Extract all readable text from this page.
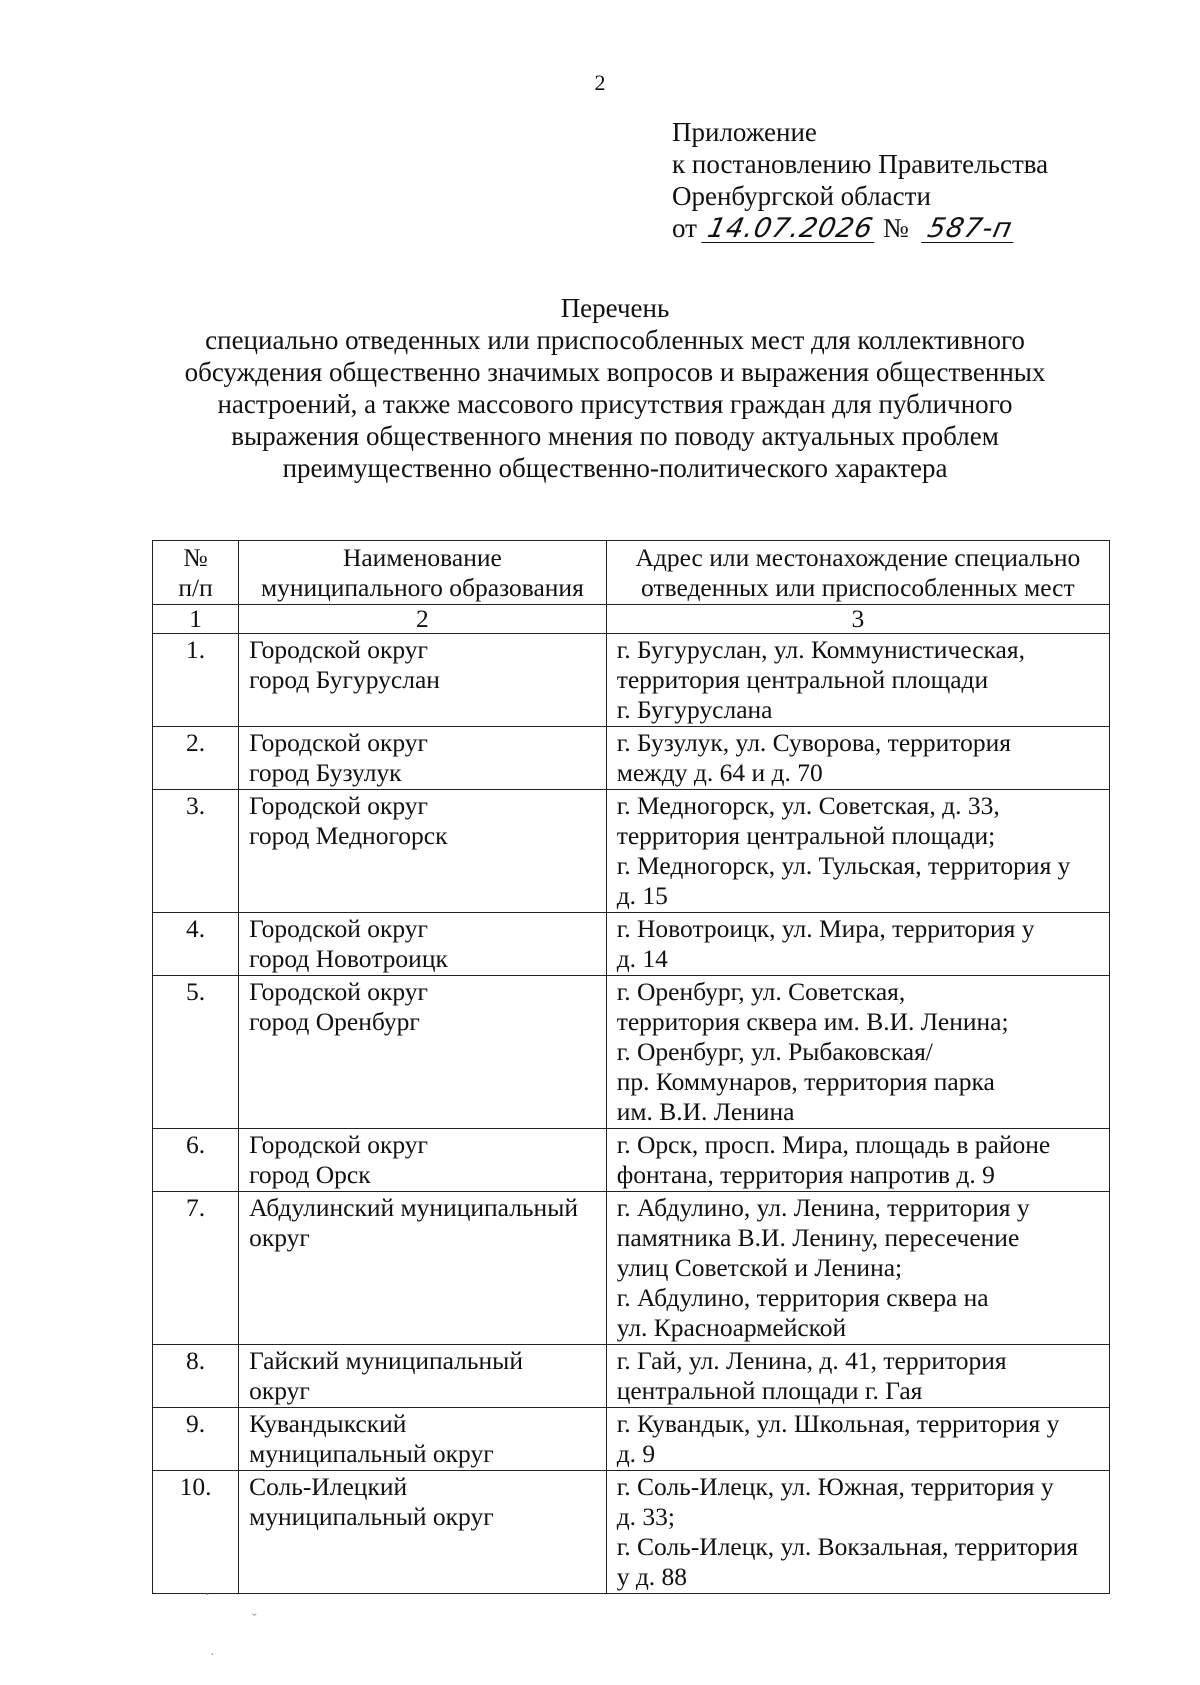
2
Приложение
к постановлению Правительства
Оренбургской области
от 14.07.2026 № 587-п
Перечень
специально отведенных или приспособленных мест для коллективного
обсуждения общественно значимых вопросов и выражения общественных
настроений, а также массового присутствия граждан для публичного
выражения общественного мнения по поводу актуальных проблем
преимущественно общественно-политического характера
№
п/п	Наименование
муниципального образования	Адрес или местонахождение специально
отведенных или приспособленных мест

1	2	3
1.	Городской округ
город Бугуруслан	г. Бугуруслан, ул. Коммунистическая,
территория центральной площади
г. Бугуруслана

2.	Городской округ
город Бузулук	г. Бузулук, ул. Суворова, территория
между д. 64 и д. 70

3.	Городской округ
город Медногорск	г. Медногорск, ул. Советская, д. 33,
территория центральной площади;
г. Медногорск, ул. Тульская, территория у
д. 15

4.	Городской округ
город Новотроицк	г. Новотроицк, ул. Мира, территория у
д. 14

5.	Городской округ
город Оренбург	г. Оренбург, ул. Советская,
территория сквера им. В.И. Ленина;
г. Оренбург, ул. Рыбаковская/
пр. Коммунаров, территория парка
им. В.И. Ленина

6.	Городской округ
город Орск	г. Орск, просп. Мира, площадь в районе
фонтана, территория напротив д. 9

7.	Абдулинский муниципальный
округ	г. Абдулино, ул. Ленина, территория у
памятника В.И. Ленину, пересечение
улиц Советской и Ленина;
г. Абдулино, территория сквера на
ул. Красноармейской

8.	Гайский муниципальный
округ	г. Гай, ул. Ленина, д. 41, территория
центральной площади г. Гая

9.	Кувандыкский
муниципальный округ	г. Кувандык, ул. Школьная, территория у
д. 9

10.	Соль-Илецкий
муниципальный округ	г. Соль-Илецк, ул. Южная, территория у
д. 33;
г. Соль-Илецк, ул. Вокзальная, территория
у д. 88
·
ˇ
·
